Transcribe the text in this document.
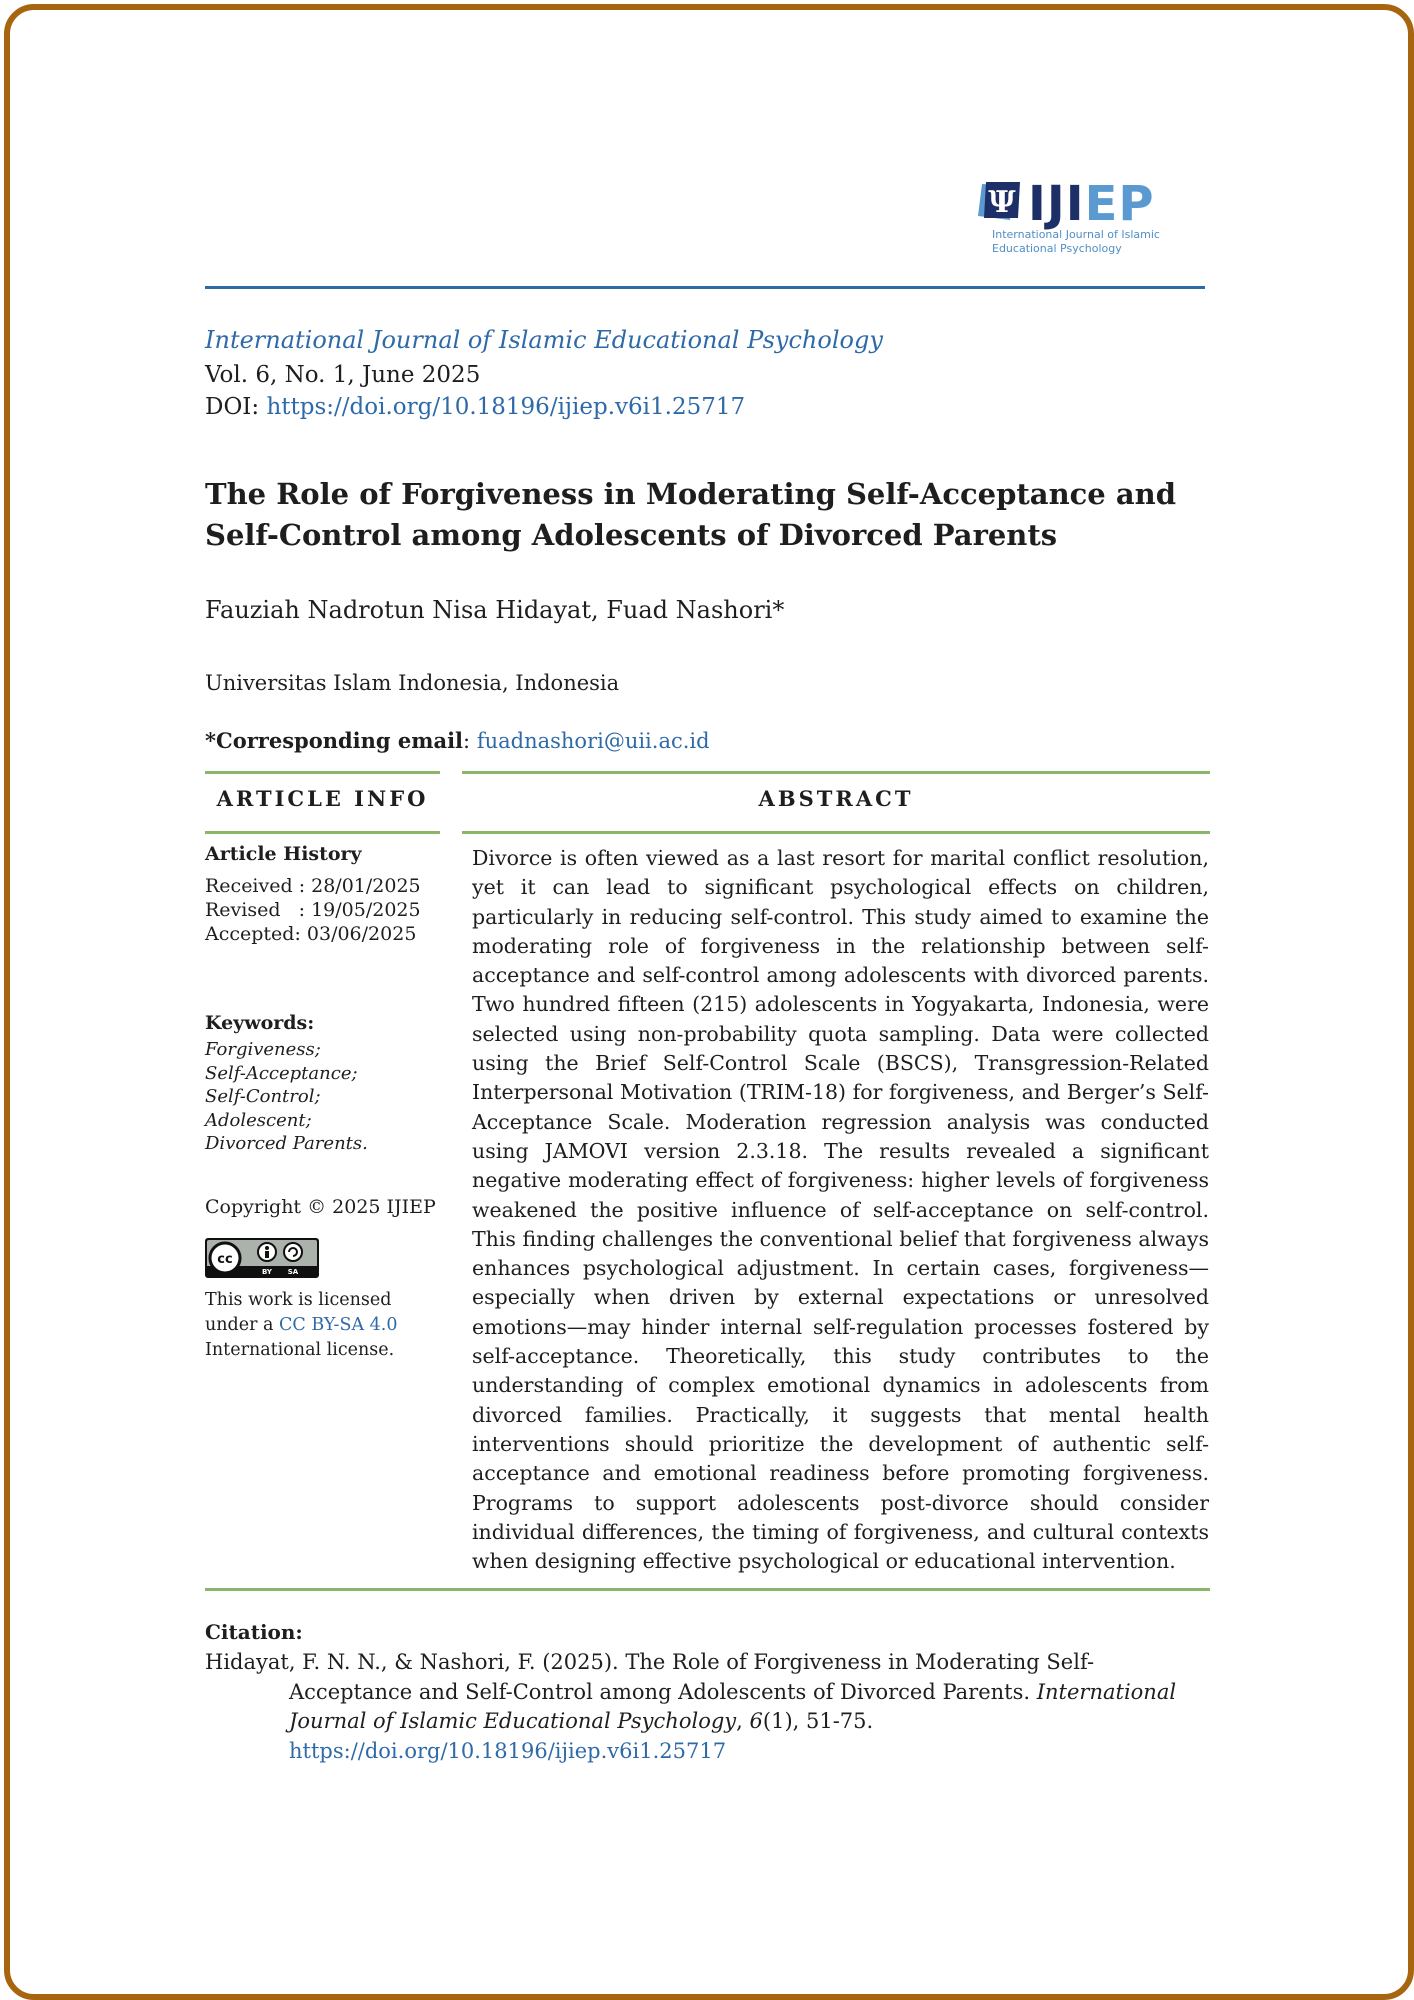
Ψ IJIEP
International Journal of Islamic
Educational Psychology
International Journal of Islamic Educational Psychology
Vol. 6, No. 1, June 2025
DOI: https://doi.org/10.18196/ijiep.v6i1.25717
The Role of Forgiveness in Moderating Self-Acceptance and Self-Control among Adolescents of Divorced Parents
Fauziah Nadrotun Nisa Hidayat, Fuad Nashori*
Universitas Islam Indonesia, Indonesia
*Corresponding email: fuadnashori@uii.ac.id
ARTICLE INFO	ABSTRACT
Article History
Received : 28/01/2025
Revised   : 19/05/2025
Accepted: 03/06/2025
Keywords:
Forgiveness;
Self-Acceptance;
Self-Control;
Adolescent;
Divorced Parents.
Copyright © 2025 IJIEP
cc
BY SA
This work is licensed under a CC BY-SA 4.0 International license.
Divorce is often viewed as a last resort for marital conflict resolution, yet it can lead to significant psychological effects on children, particularly in reducing self-control. This study aimed to examine the moderating role of forgiveness in the relationship between self-acceptance and self-control among adolescents with divorced parents. Two hundred fifteen (215) adolescents in Yogyakarta, Indonesia, were selected using non-probability quota sampling. Data were collected using the Brief Self-Control Scale (BSCS), Transgression-Related Interpersonal Motivation (TRIM-18) for forgiveness, and Berger’s Self-Acceptance Scale. Moderation regression analysis was conducted using JAMOVI version 2.3.18. The results revealed a significant negative moderating effect of forgiveness: higher levels of forgiveness weakened the positive influence of self-acceptance on self-control. This finding challenges the conventional belief that forgiveness always enhances psychological adjustment. In certain cases, forgiveness—especially when driven by external expectations or unresolved emotions—may hinder internal self-regulation processes fostered by self-acceptance. Theoretically, this study contributes to the understanding of complex emotional dynamics in adolescents from divorced families. Practically, it suggests that mental health interventions should prioritize the development of authentic self-acceptance and emotional readiness before promoting forgiveness. Programs to support adolescents post-divorce should consider individual differences, the timing of forgiveness, and cultural contexts when designing effective psychological or educational intervention.
Citation:
Hidayat, F. N. N., & Nashori, F. (2025). The Role of Forgiveness in Moderating Self-Acceptance and Self-Control among Adolescents of Divorced Parents. International Journal of Islamic Educational Psychology, 6(1), 51-75. https://doi.org/10.18196/ijiep.v6i1.25717
